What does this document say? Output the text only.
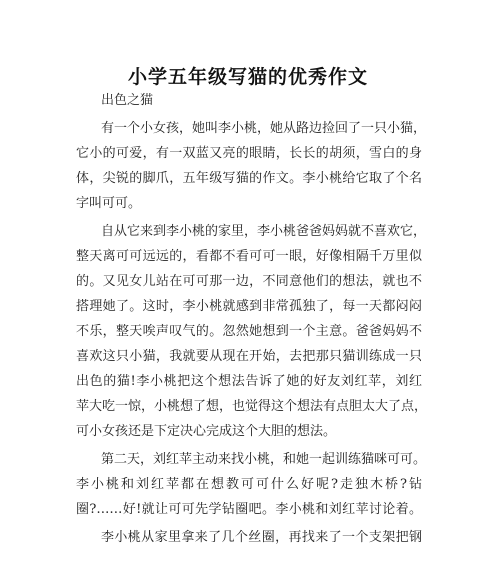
小学五年级写猫的优秀作文
出色之猫
有一个小女孩，她叫李小桃，她从路边捡回了一只小猫，
它小的可爱，有一双蓝又亮的眼睛，长长的胡须，雪白的身
体，尖锐的脚爪，五年级写猫的作文。李小桃给它取了个名
字叫可可。
自从它来到李小桃的家里，李小桃爸爸妈妈就不喜欢它，
整天离可可远远的，看都不看可可一眼，好像相隔千万里似
的。又见女儿站在可可那一边，不同意他们的想法，就也不
搭理她了。这时，李小桃就感到非常孤独了，每一天都闷闷
不乐，整天唉声叹气的。忽然她想到一个主意。爸爸妈妈不
喜欢这只小猫，我就要从现在开始，去把那只猫训练成一只
出色的猫!李小桃把这个想法告诉了她的好友刘红苹，刘红
苹大吃一惊，小桃想了想，也觉得这个想法有点胆太大了点，
可小女孩还是下定决心完成这个大胆的想法。
第二天，刘红苹主动来找小桃，和她一起训练猫咪可可。
李小桃和刘红苹都在想教可可什么好呢?走独木桥?钻
圈?……好!就让可可先学钻圈吧。李小桃和刘红苹讨论着。
李小桃从家里拿来了几个丝圈，再找来了一个支架把钢
